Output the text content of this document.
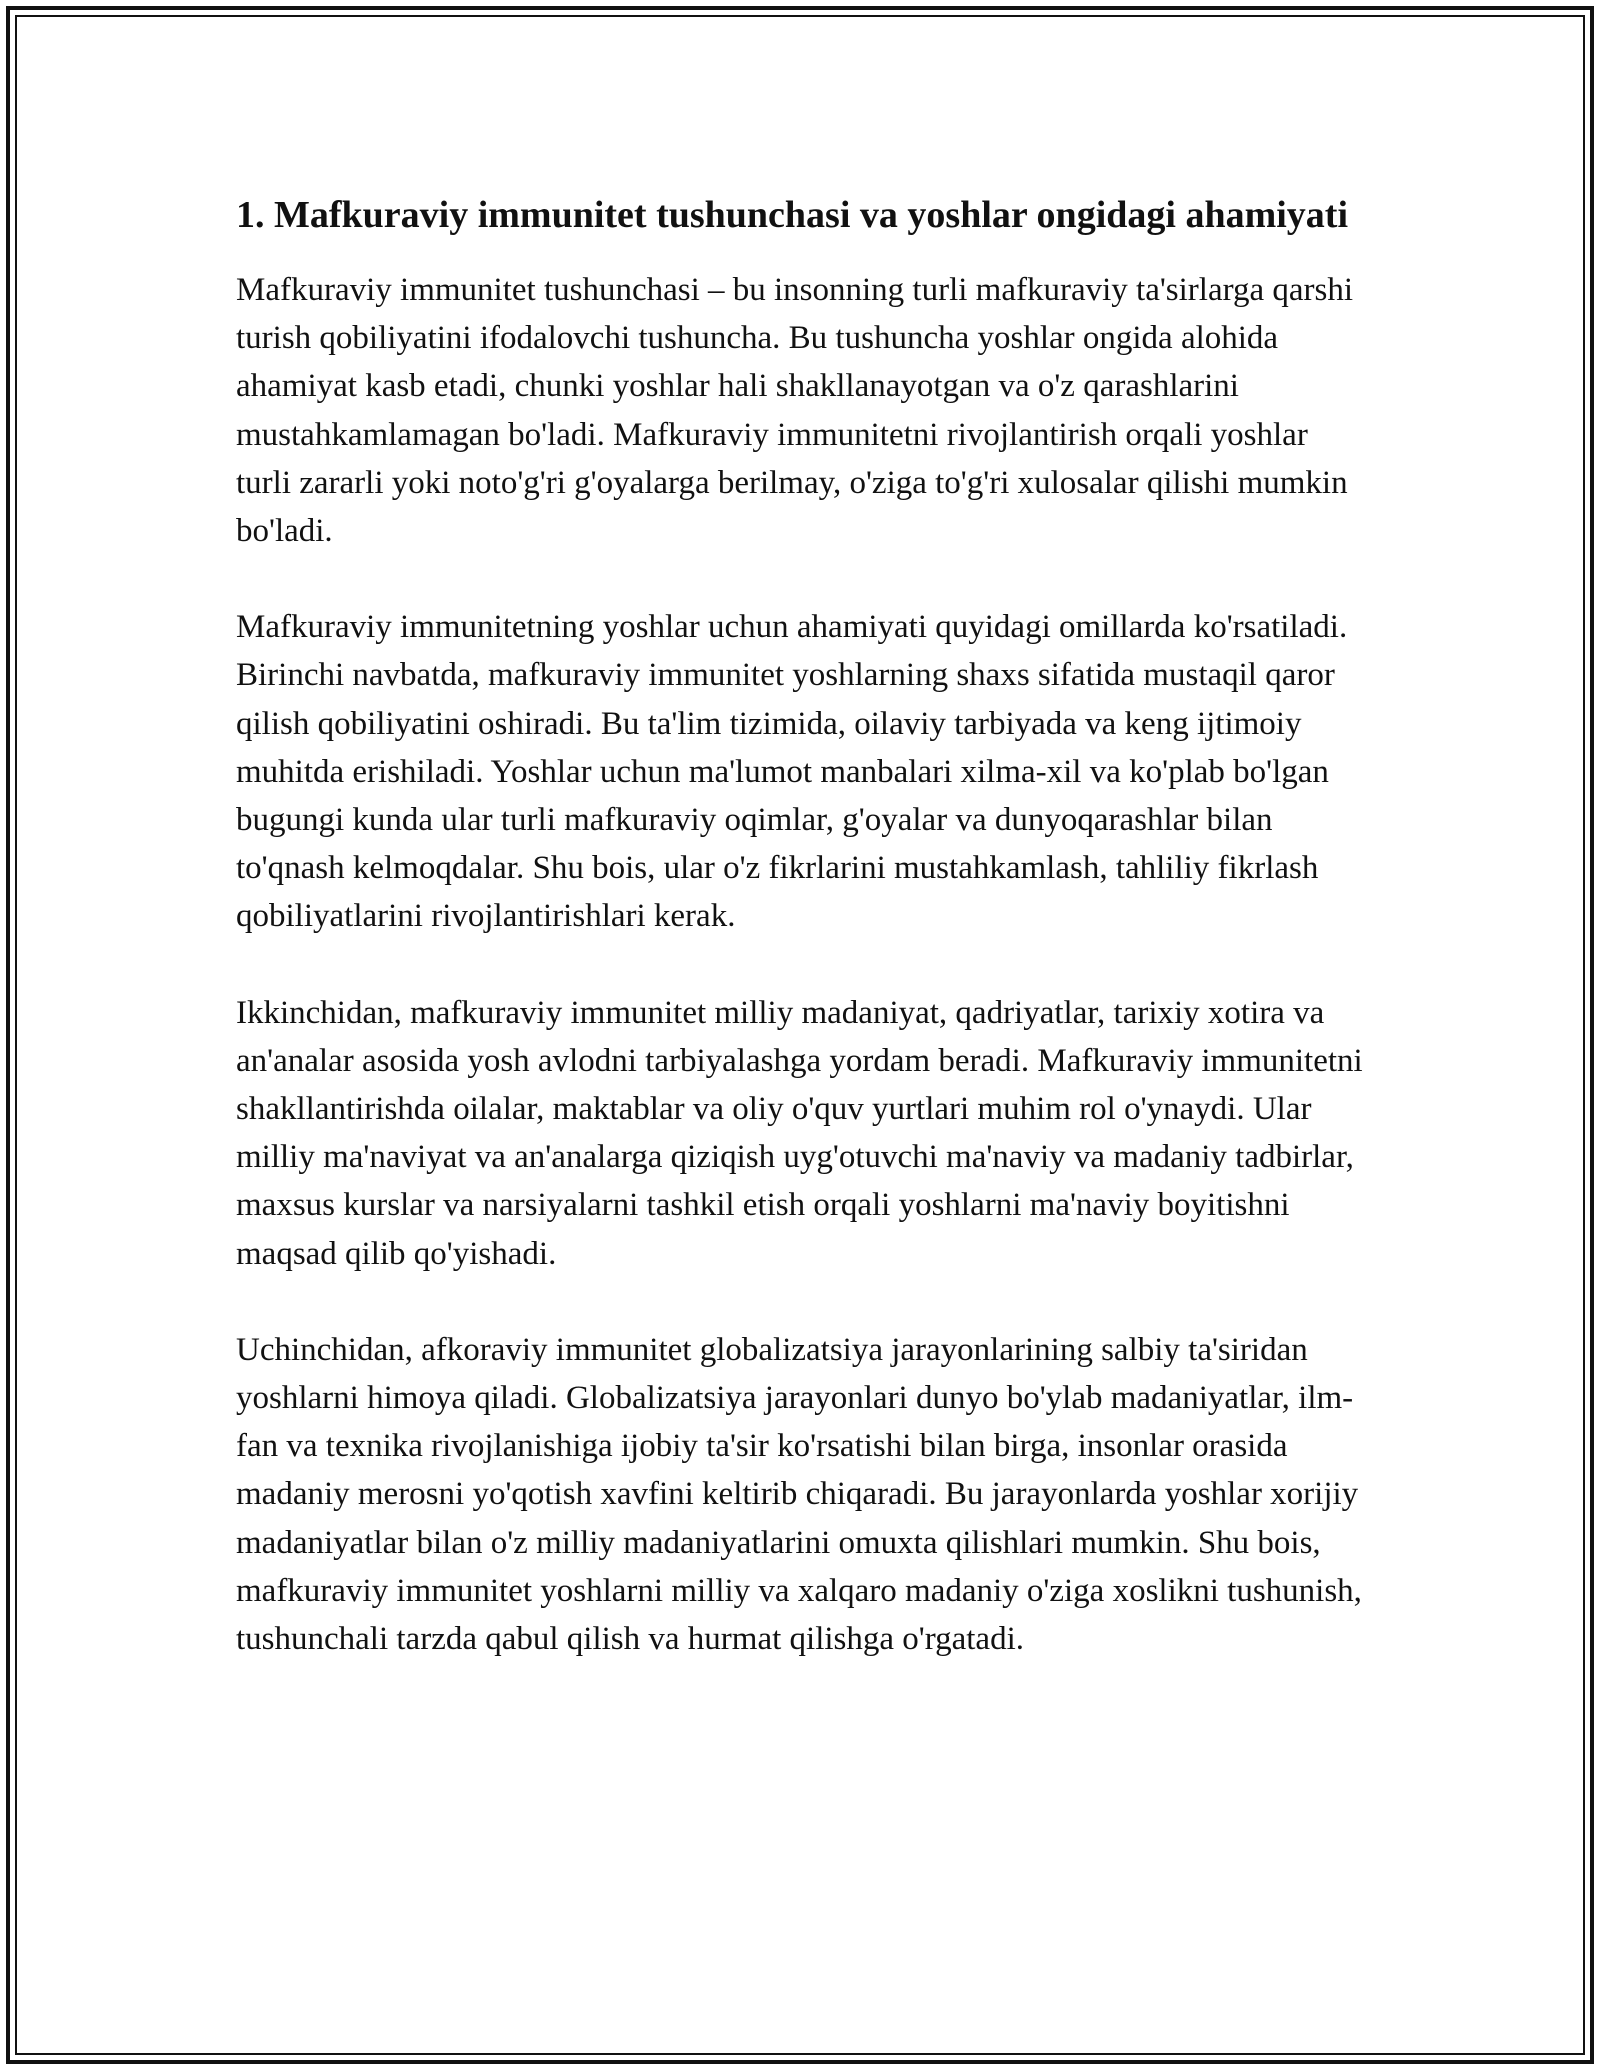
1. Mafkuraviy immunitet tushunchasi va yoshlar ongidagi ahamiyati

Mafkuraviy immunitet tushunchasi – bu insonning turli mafkuraviy ta'sirlarga qarshi turish qobiliyatini ifodalovchi tushuncha. Bu tushuncha yoshlar ongida alohida ahamiyat kasb etadi, chunki yoshlar hali shakllanayotgan va o'z qarashlarini mustahkamlamagan bo'ladi. Mafkuraviy immunitetni rivojlantirish orqali yoshlar turli zararli yoki noto'g'ri g'oyalarga berilmay, o'ziga to'g'ri xulosalar qilishi mumkin bo'ladi.

Mafkuraviy immunitetning yoshlar uchun ahamiyati quyidagi omillarda ko'rsatiladi. Birinchi navbatda, mafkuraviy immunitet yoshlarning shaxs sifatida mustaqil qaror qilish qobiliyatini oshiradi. Bu ta'lim tizimida, oilaviy tarbiyada va keng ijtimoiy muhitda erishiladi. Yoshlar uchun ma'lumot manbalari xilma-xil va ko'plab bo'lgan bugungi kunda ular turli mafkuraviy oqimlar, g'oyalar va dunyoqarashlar bilan to'qnash kelmoqdalar. Shu bois, ular o'z fikrlarini mustahkamlash, tahliliy fikrlash qobiliyatlarini rivojlantirishlari kerak.

Ikkinchidan, mafkuraviy immunitet milliy madaniyat, qadriyatlar, tarixiy xotira va an'analar asosida yosh avlodni tarbiyalashga yordam beradi. Mafkuraviy immunitetni shakllantirishda oilalar, maktablar va oliy o'quv yurtlari muhim rol o'ynaydi. Ular milliy ma'naviyat va an'analarga qiziqish uyg'otuvchi ma'naviy va madaniy tadbirlar, maxsus kurslar va narsiyalarni tashkil etish orqali yoshlarni ma'naviy boyitishni maqsad qilib qo'yishadi.

Uchinchidan, afkoraviy immunitet globalizatsiya jarayonlarining salbiy ta'siridan yoshlarni himoya qiladi. Globalizatsiya jarayonlari dunyo bo'ylab madaniyatlar, ilm-fan va texnika rivojlanishiga ijobiy ta'sir ko'rsatishi bilan birga, insonlar orasida madaniy merosni yo'qotish xavfini keltirib chiqaradi. Bu jarayonlarda yoshlar xorijiy madaniyatlar bilan o'z milliy madaniyatlarini omuxta qilishlari mumkin. Shu bois, mafkuraviy immunitet yoshlarni milliy va xalqaro madaniy o'ziga xoslikni tushunish, tushunchali tarzda qabul qilish va hurmat qilishga o'rgatadi.
